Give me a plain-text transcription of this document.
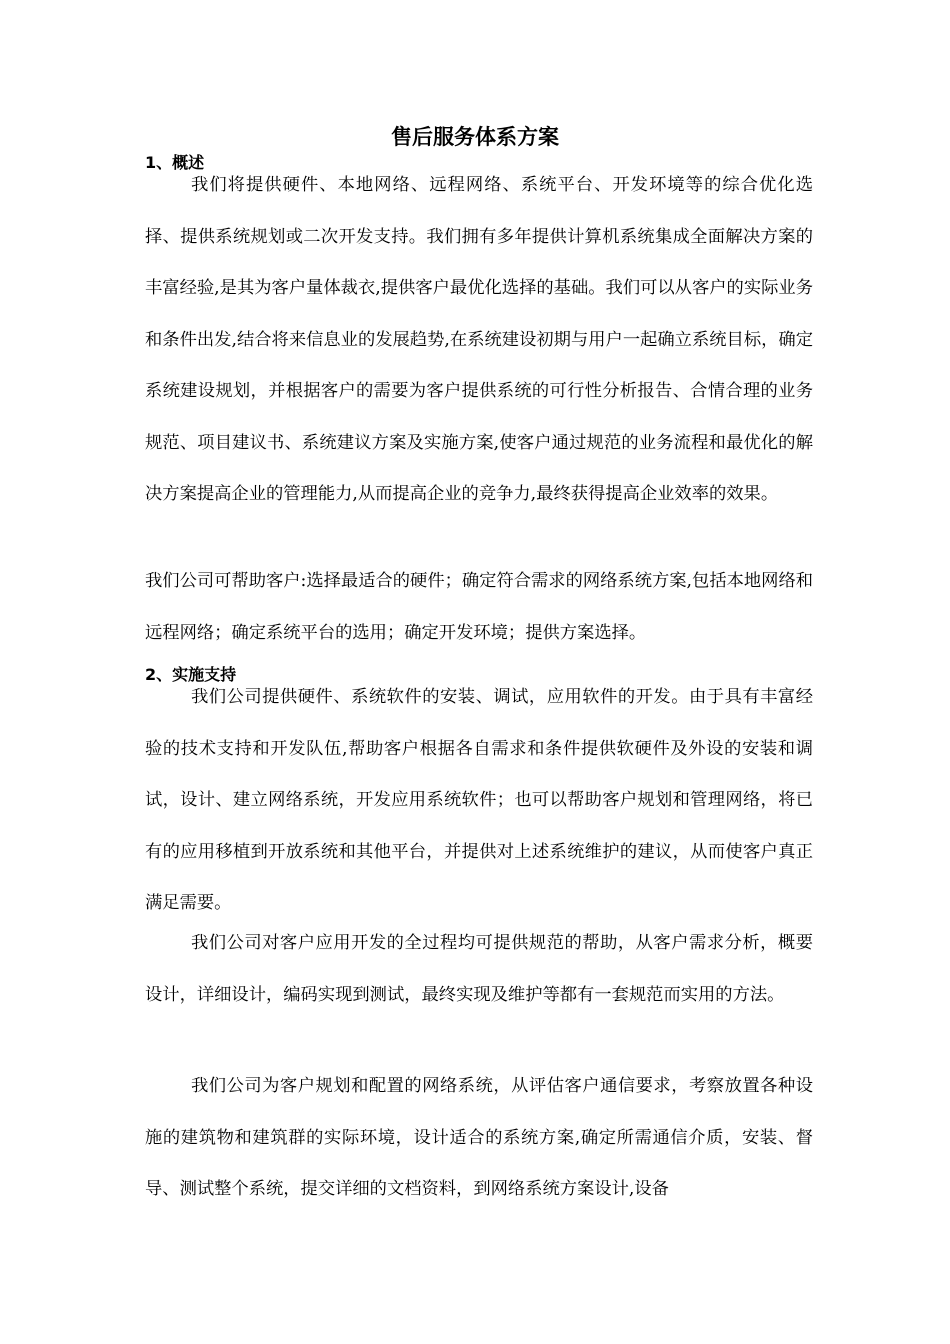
售后服务体系方案
1、概述
我们将提供硬件、本地网络、远程网络、系统平台、开发环境等的综合优化选择、提供系统规划或二次开发支持。我们拥有多年提供计算机系统集成全面解决方案的丰富经验,是其为客户量体裁衣,提供客户最优化选择的基础。我们可以从客户的实际业务和条件出发,结合将来信息业的发展趋势,在系统建设初期与用户一起确立系统目标，确定系统建设规划，并根据客户的需要为客户提供系统的可行性分析报告、合情合理的业务规范、项目建议书、系统建议方案及实施方案,使客户通过规范的业务流程和最优化的解决方案提高企业的管理能力,从而提高企业的竞争力,最终获得提高企业效率的效果。
我们公司可帮助客户:选择最适合的硬件；确定符合需求的网络系统方案,包括本地网络和远程网络；确定系统平台的选用；确定开发环境；提供方案选择。
2、实施支持
我们公司提供硬件、系统软件的安装、调试，应用软件的开发。由于具有丰富经验的技术支持和开发队伍,帮助客户根据各自需求和条件提供软硬件及外设的安装和调试，设计、建立网络系统，开发应用系统软件；也可以帮助客户规划和管理网络，将已有的应用移植到开放系统和其他平台，并提供对上述系统维护的建议，从而使客户真正满足需要。
我们公司对客户应用开发的全过程均可提供规范的帮助，从客户需求分析，概要设计，详细设计，编码实现到测试，最终实现及维护等都有一套规范而实用的方法。
我们公司为客户规划和配置的网络系统，从评估客户通信要求，考察放置各种设施的建筑物和建筑群的实际环境，设计适合的系统方案,确定所需通信介质，安装、督导、测试整个系统，提交详细的文档资料，到网络系统方案设计,设备
